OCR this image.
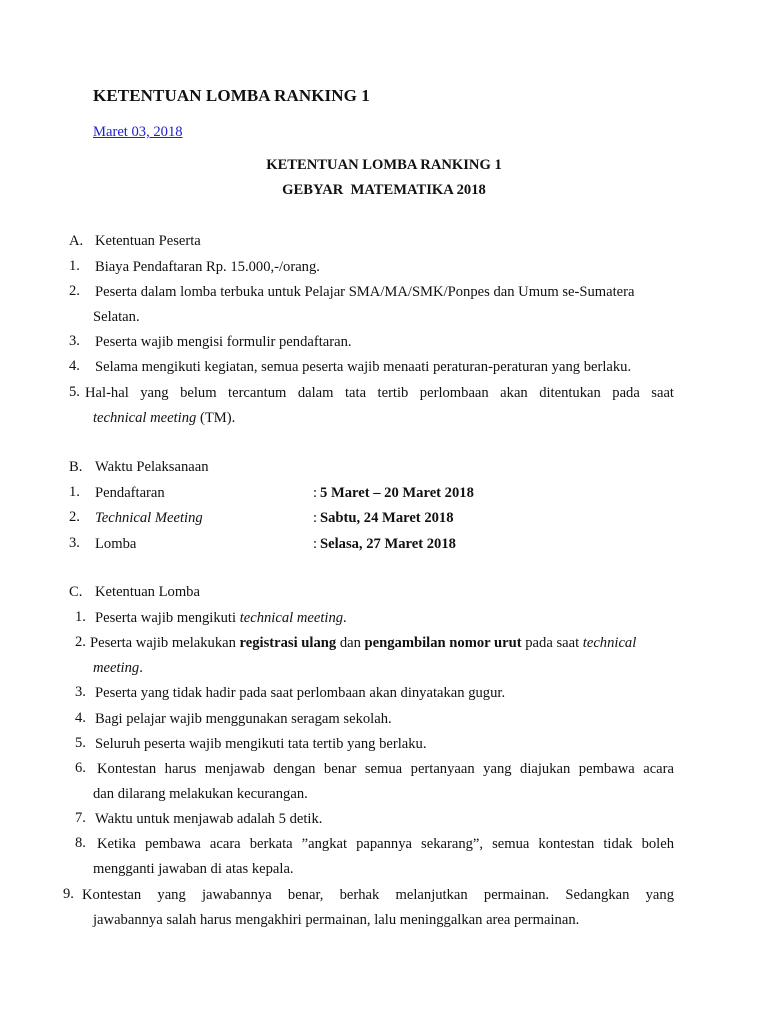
KETENTUAN LOMBA RANKING 1
Maret 03, 2018
KETENTUAN LOMBA RANKING 1
GEBYAR  MATEMATIKA 2018
A. Ketentuan Peserta
1. Biaya Pendaftaran Rp. 15.000,-/orang.
2. Peserta dalam lomba terbuka untuk Pelajar SMA/MA/SMK/Ponpes dan Umum se-Sumatera
Selatan.
3. Peserta wajib mengisi formulir pendaftaran.
4. Selama mengikuti kegiatan, semua peserta wajib menaati peraturan-peraturan yang berlaku.
5. Hal-hal yang belum tercantum dalam tata tertib perlombaan akan ditentukan pada saat
technical meeting (TM).
B. Waktu Pelaksanaan
1. Pendaftaran	: 5 Maret – 20 Maret 2018
2. Technical Meeting	: Sabtu, 24 Maret 2018
3. Lomba	: Selasa, 27 Maret 2018
C. Ketentuan Lomba
1. Peserta wajib mengikuti technical meeting.
2. Peserta wajib melakukan registrasi ulang dan pengambilan nomor urut pada saat technical
meeting.
3. Peserta yang tidak hadir pada saat perlombaan akan dinyatakan gugur.
4. Bagi pelajar wajib menggunakan seragam sekolah.
5. Seluruh peserta wajib mengikuti tata tertib yang berlaku.
6. Kontestan harus menjawab dengan benar semua pertanyaan yang diajukan pembawa acara
dan dilarang melakukan kecurangan.
7. Waktu untuk menjawab adalah 5 detik.
8. Ketika pembawa acara berkata ”angkat papannya sekarang”, semua kontestan tidak boleh
mengganti jawaban di atas kepala.
9. Kontestan yang jawabannya benar, berhak melanjutkan permainan. Sedangkan yang
jawabannya salah harus mengakhiri permainan, lalu meninggalkan area permainan.
